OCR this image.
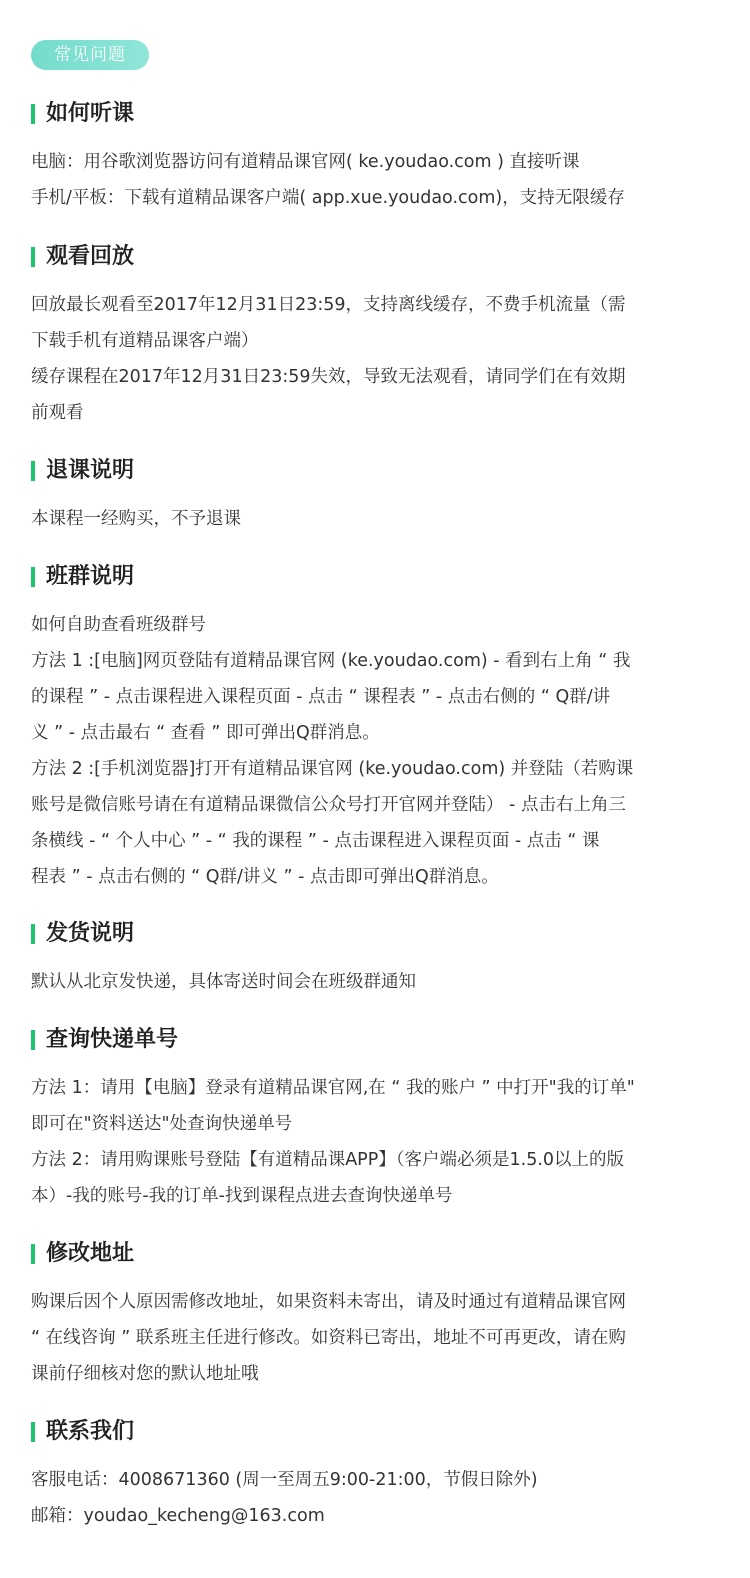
常见问题
如何听课

电脑：用谷歌浏览器访问有道精品课官网( ke.youdao.com ) 直接听课

手机/平板：下载有道精品课客户端( app.xue.youdao.com)，支持无限缓存

观看回放

回放最长观看至2017年12月31日23:59，支持离线缓存，不费手机流量（需

下载手机有道精品课客户端）

缓存课程在2017年12月31日23:59失效，导致无法观看，请同学们在有效期

前观看

退课说明

本课程一经购买，不予退课

班群说明

如何自助查看班级群号

方法 1 :[电脑]网页登陆有道精品课官网 (ke.youdao.com) - 看到右上角 “ 我

的课程 ” - 点击课程进入课程页面 - 点击 “ 课程表 ” - 点击右侧的 “ Q群/讲

义 ” - 点击最右 “ 查看 ” 即可弹出Q群消息。

方法 2 :[手机浏览器]打开有道精品课官网 (ke.youdao.com) 并登陆（若购课

账号是微信账号请在有道精品课微信公众号打开官网并登陆） - 点击右上角三

条横线 - “ 个人中心 ” - “ 我的课程 ” - 点击课程进入课程页面 - 点击 “ 课

程表 ” - 点击右侧的 “ Q群/讲义 ” - 点击即可弹出Q群消息。

发货说明

默认从北京发快递，具体寄送时间会在班级群通知

查询快递单号

方法 1：请用【电脑】登录有道精品课官网,在 “ 我的账户 ” 中打开"我的订单"

即可在"资料送达"处查询快递单号

方法 2：请用购课账号登陆【有道精品课APP】（客户端必须是1.5.0以上的版

本）-我的账号-我的订单-找到课程点进去查询快递单号

修改地址

购课后因个人原因需修改地址，如果资料未寄出，请及时通过有道精品课官网

“ 在线咨询 ” 联系班主任进行修改。如资料已寄出，地址不可再更改，请在购

课前仔细核对您的默认地址哦

联系我们

客服电话：4008671360 (周一至周五9:00-21:00，节假日除外)

邮箱：youdao_kecheng@163.com
